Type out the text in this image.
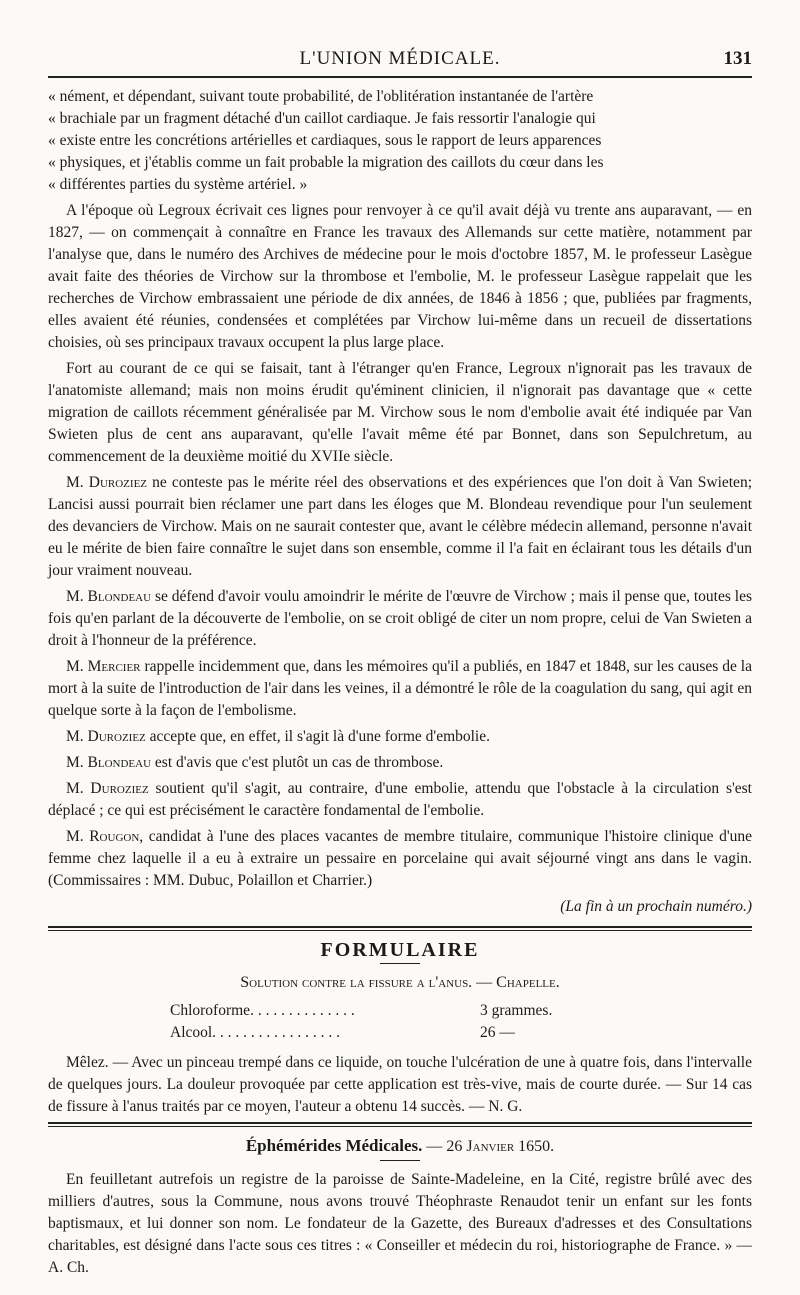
L'UNION MÉDICALE.	131

« nément, et dépendant, suivant toute probabilité, de l'oblitération instantanée de l'artère
« brachiale par un fragment détaché d'un caillot cardiaque. Je fais ressortir l'analogie qui
« existe entre les concrétions artérielles et cardiaques, sous le rapport de leurs apparences
« physiques, et j'établis comme un fait probable la migration des caillots du cœur dans les
« différentes parties du système artériel. »

A l'époque où Legroux écrivait ces lignes pour renvoyer à ce qu'il avait déjà vu trente ans auparavant, — en 1827, — on commençait à connaître en France les travaux des Allemands sur cette matière, notamment par l'analyse que, dans le numéro des Archives de médecine pour le mois d'octobre 1857, M. le professeur Lasègue avait faite des théories de Virchow sur la thrombose et l'embolie, M. le professeur Lasègue rappelait que les recherches de Virchow embrassaient une période de dix années, de 1846 à 1856 ; que, publiées par fragments, elles avaient été réunies, condensées et complétées par Virchow lui-même dans un recueil de dissertations choisies, où ses principaux travaux occupent la plus large place.

Fort au courant de ce qui se faisait, tant à l'étranger qu'en France, Legroux n'ignorait pas les travaux de l'anatomiste allemand; mais non moins érudit qu'éminent clinicien, il n'ignorait pas davantage que « cette migration de caillots récemment généralisée par M. Virchow sous le nom d'embolie avait été indiquée par Van Swieten plus de cent ans auparavant, qu'elle l'avait même été par Bonnet, dans son Sepulchretum, au commencement de la deuxième moitié du XVIIe siècle.

M. Duroziez ne conteste pas le mérite réel des observations et des expériences que l'on doit à Van Swieten; Lancisi aussi pourrait bien réclamer une part dans les éloges que M. Blondeau revendique pour l'un seulement des devanciers de Virchow. Mais on ne saurait contester que, avant le célèbre médecin allemand, personne n'avait eu le mérite de bien faire connaître le sujet dans son ensemble, comme il l'a fait en éclairant tous les détails d'un jour vraiment nouveau.

M. Blondeau se défend d'avoir voulu amoindrir le mérite de l'œuvre de Virchow ; mais il pense que, toutes les fois qu'en parlant de la découverte de l'embolie, on se croit obligé de citer un nom propre, celui de Van Swieten a droit à l'honneur de la préférence.

M. Mercier rappelle incidemment que, dans les mémoires qu'il a publiés, en 1847 et 1848, sur les causes de la mort à la suite de l'introduction de l'air dans les veines, il a démontré le rôle de la coagulation du sang, qui agit en quelque sorte à la façon de l'embolisme.

M. Duroziez accepte que, en effet, il s'agit là d'une forme d'embolie.

M. Blondeau est d'avis que c'est plutôt un cas de thrombose.

M. Duroziez soutient qu'il s'agit, au contraire, d'une embolie, attendu que l'obstacle à la circulation s'est déplacé ; ce qui est précisément le caractère fondamental de l'embolie.

M. Rougon, candidat à l'une des places vacantes de membre titulaire, communique l'histoire clinique d'une femme chez laquelle il a eu à extraire un pessaire en porcelaine qui avait séjourné vingt ans dans le vagin. (Commissaires : MM. Dubuc, Polaillon et Charrier.)

(La fin à un prochain numéro.)
FORMULAIRE
Solution contre la fissure a l'anus. — Chapelle.
Chloroforme. . . . . . . . . . . . . .	3 grammes.
Alcool. . . . . . . . . . . . . . . . .	26 —

Mêlez. — Avec un pinceau trempé dans ce liquide, on touche l'ulcération de une à quatre fois, dans l'intervalle de quelques jours. La douleur provoquée par cette application est très-vive, mais de courte durée. — Sur 14 cas de fissure à l'anus traités par ce moyen, l'auteur a obtenu 14 succès. — N. G.

Éphémérides Médicales. — 26 Janvier 1650.

En feuilletant autrefois un registre de la paroisse de Sainte-Madeleine, en la Cité, registre brûlé avec des milliers d'autres, sous la Commune, nous avons trouvé Théophraste Renaudot tenir un enfant sur les fonts baptismaux, et lui donner son nom. Le fondateur de la Gazette, des Bureaux d'adresses et des Consultations charitables, est désigné dans l'acte sous ces titres : « Conseiller et médecin du roi, historiographe de France. » — A. Ch.
